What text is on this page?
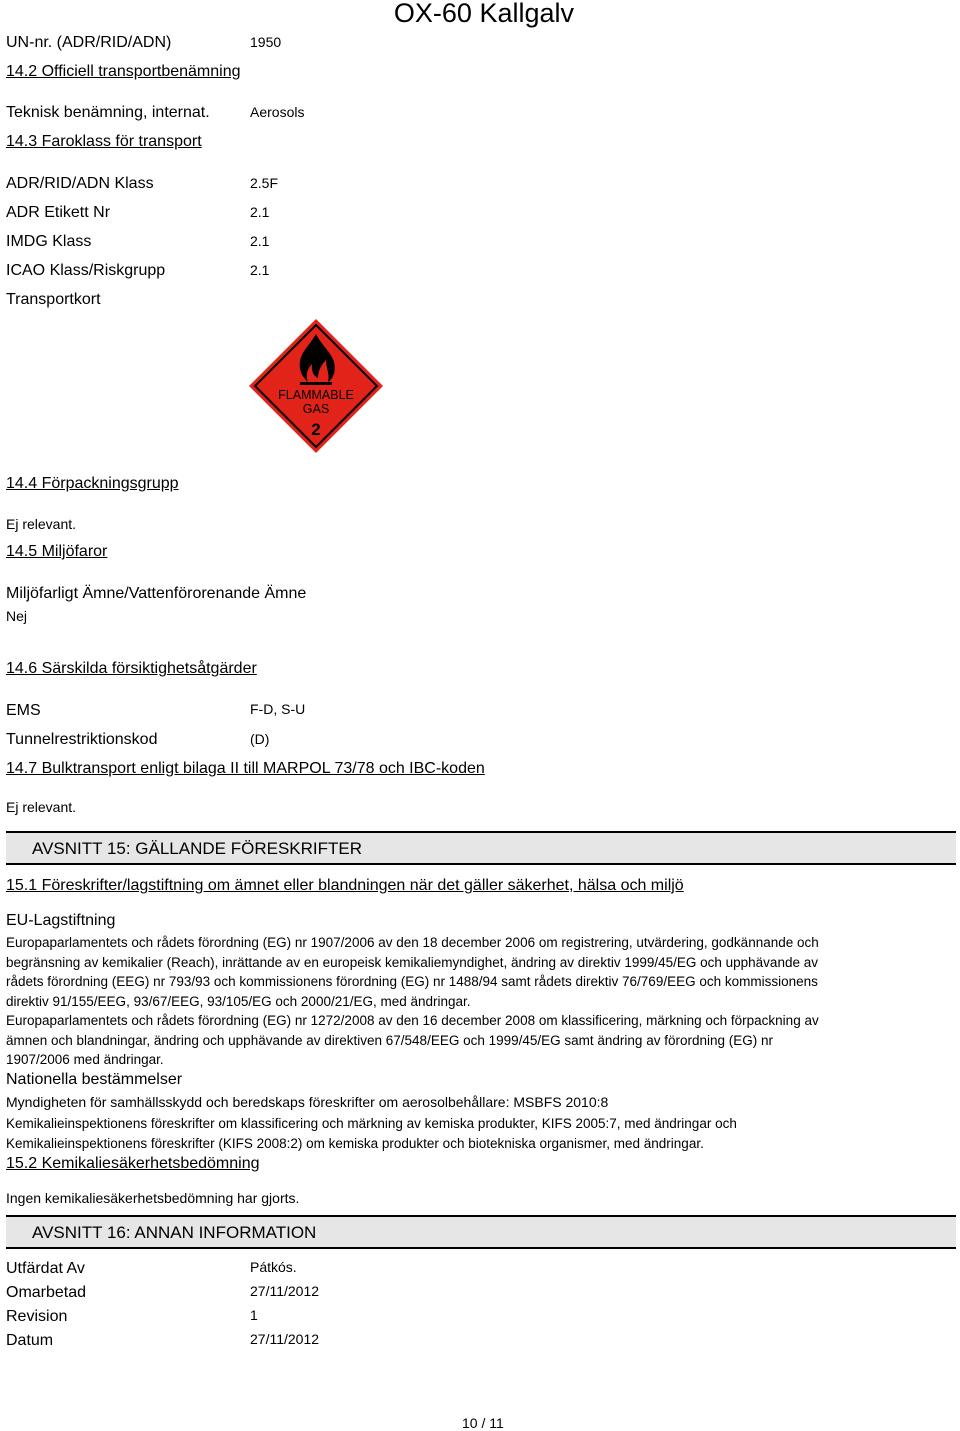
OX-60 Kallgalv
UN-nr. (ADR/RID/ADN)	1950
14.2 Officiell transportbenämning
Teknisk benämning, internat.	Aerosols
14.3 Faroklass för transport
ADR/RID/ADN Klass	2.5F
ADR Etikett Nr	2.1
IMDG Klass	2.1
ICAO Klass/Riskgrupp	2.1
Transportkort
FLAMMABLE
GAS
2
14.4 Förpackningsgrupp
Ej relevant.
14.5 Miljöfaror
Miljöfarligt Ämne/Vattenförorenande Ämne
Nej
14.6 Särskilda försiktighetsåtgärder
EMS	F-D, S-U
Tunnelrestriktionskod	(D)
14.7 Bulktransport enligt bilaga II till MARPOL 73/78 och IBC-koden
Ej relevant.
AVSNITT 15: GÄLLANDE FÖRESKRIFTER
15.1 Föreskrifter/lagstiftning om ämnet eller blandningen när det gäller säkerhet, hälsa och miljö
EU-Lagstiftning

Europaparlamentets och rådets förordning (EG) nr 1907/2006 av den 18 december 2006 om registrering, utvärdering, godkännande och

begränsning av kemikalier (Reach), inrättande av en europeisk kemikaliemyndighet, ändring av direktiv 1999/45/EG och upphävande av

rådets förordning (EEG) nr 793/93 och kommissionens förordning (EG) nr 1488/94 samt rådets direktiv 76/769/EEG och kommissionens

direktiv 91/155/EEG, 93/67/EEG, 93/105/EG och 2000/21/EG, med ändringar.

Europaparlamentets och rådets förordning (EG) nr 1272/2008 av den 16 december 2008 om klassificering, märkning och förpackning av

ämnen och blandningar, ändring och upphävande av direktiven 67/548/EEG och 1999/45/EG samt ändring av förordning (EG) nr

1907/2006 med ändringar.

Nationella bestämmelser
Myndigheten för samhällsskydd och beredskaps föreskrifter om aerosolbehållare: MSBFS 2010:8

Kemikalieinspektionens föreskrifter om klassificering och märkning av kemiska produkter, KIFS 2005:7, med ändringar och

Kemikalieinspektionens föreskrifter (KIFS 2008:2) om kemiska produkter och biotekniska organismer, med ändringar.

15.2 Kemikaliesäkerhetsbedömning
Ingen kemikaliesäkerhetsbedömning har gjorts.
AVSNITT 16: ANNAN INFORMATION
Utfärdat Av	Pátkós.
Omarbetad	27/11/2012
Revision	1
Datum	27/11/2012
10 / 11
